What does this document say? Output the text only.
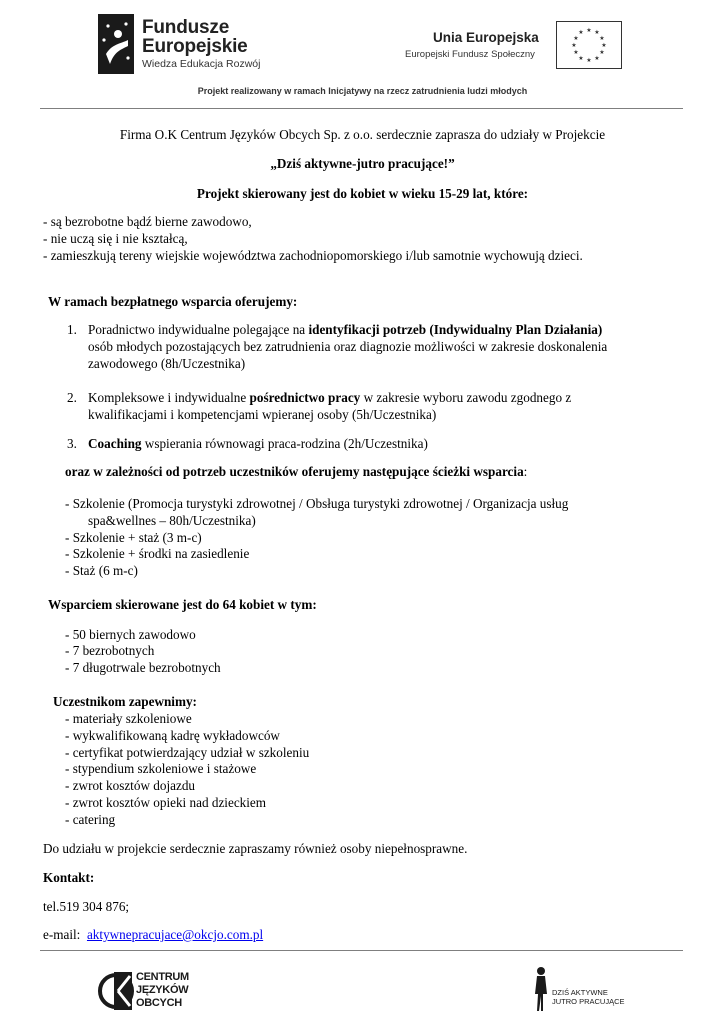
Fundusze
Europejskie
Wiedza Edukacja Rozwój
Unia Europejska
Europejski Fundusz Społeczny
★ ★
★
★
★
★
★
★
★
★
★
★
Projekt realizowany w ramach Inicjatywy na rzecz zatrudnienia ludzi młodych
Firma O.K Centrum Języków Obcych Sp. z o.o. serdecznie zaprasza do udziały w Projekcie
„Dziś aktywne-jutro pracujące!”
Projekt skierowany jest do kobiet w wieku 15-29 lat, które:
- są bezrobotne bądź bierne zawodowo,
- nie uczą się i nie kształcą,
- zamieszkują tereny wiejskie województwa zachodniopomorskiego i/lub samotnie wychowują dzieci.
W ramach bezpłatnego wsparcia oferujemy:
1. Poradnictwo indywidualne polegające na identyfikacji potrzeb (Indywidualny Plan Działania)
osób młodych pozostających bez zatrudnienia oraz diagnozie możliwości w zakresie doskonalenia
zawodowego (8h/Uczestnika)
2. Kompleksowe i indywidualne pośrednictwo pracy w zakresie wyboru zawodu zgodnego z
kwalifikacjami i kompetencjami wpieranej osoby (5h/Uczestnika)
3. Coaching wspierania równowagi praca-rodzina (2h/Uczestnika)
oraz w zależności od potrzeb uczestników oferujemy następujące ścieżki wsparcia:
- Szkolenie (Promocja turystyki zdrowotnej / Obsługa turystyki zdrowotnej / Organizacja usług
spa&wellnes – 80h/Uczestnika)
- Szkolenie + staż (3 m-c)
- Szkolenie + środki na zasiedlenie
- Staż (6 m-c)
Wsparciem skierowane jest do 64 kobiet w tym:
- 50 biernych zawodowo
- 7 bezrobotnych
- 7 długotrwale bezrobotnych
Uczestnikom zapewnimy:
- materiały szkoleniowe
- wykwalifikowaną kadrę wykładowców
- certyfikat potwierdzający udział w szkoleniu
- stypendium szkoleniowe i stażowe
- zwrot kosztów dojazdu
- zwrot kosztów opieki nad dzieckiem
- catering
Do udziału w projekcie serdecznie zapraszamy również osoby niepełnosprawne.
Kontakt:
tel.519 304 876;
e-mail:  aktywnepracujace@okcjo.com.pl
CENTRUM
JĘZYKÓW
OBCYCH
DZIŚ AKTYWNE
JUTRO PRACUJĄCE
